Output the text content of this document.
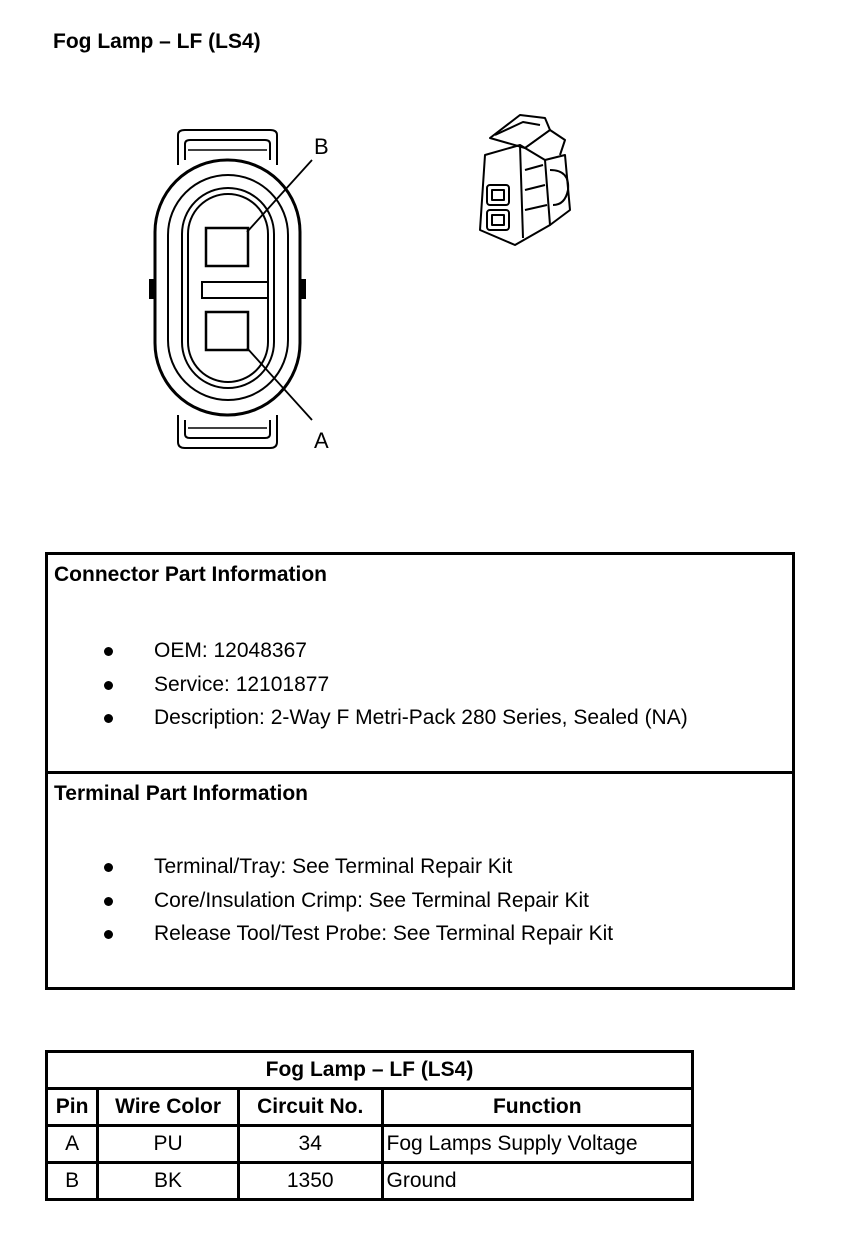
Fog Lamp – LF (LS4)
B
A
Connector Part Information
OEM: 12048367
Service: 12101877
Description: 2-Way F Metri-Pack 280 Series, Sealed (NA)
Terminal Part Information
Terminal/Tray: See Terminal Repair Kit
Core/Insulation Crimp: See Terminal Repair Kit
Release Tool/Test Probe: See Terminal Repair Kit
Fog Lamp – LF (LS4)			
Pin	Wire Color	Circuit No.	Function
A	PU	34	Fog Lamps Supply Voltage
B	BK	1350	Ground
